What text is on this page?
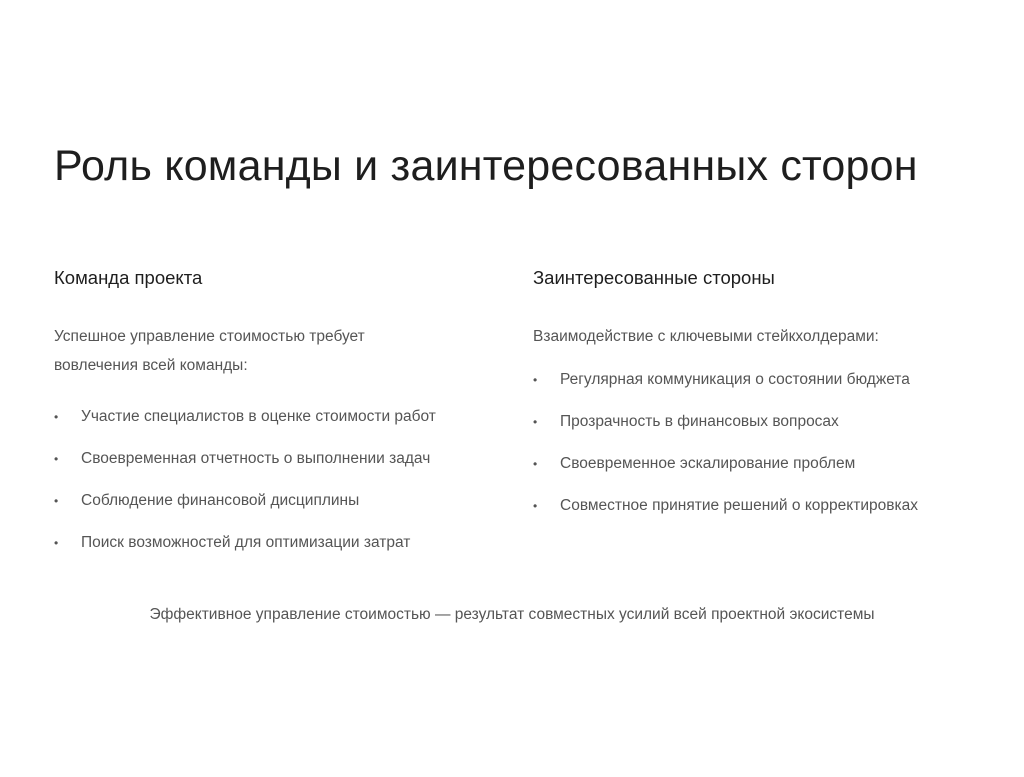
Роль команды и заинтересованных сторон
Команда проекта

Успешное управление стоимостью требует вовлечения всей команды:

• Участие специалистов в оценке стоимости работ
• Своевременная отчетность о выполнении задач
• Соблюдение финансовой дисциплины
• Поиск возможностей для оптимизации затрат
Заинтересованные стороны

Взаимодействие с ключевыми стейкхолдерами:

• Регулярная коммуникация о состоянии бюджета
• Прозрачность в финансовых вопросах
• Своевременное эскалирование проблем
• Совместное принятие решений о корректировках

Эффективное управление стоимостью — результат совместных усилий всей проектной экосистемы
